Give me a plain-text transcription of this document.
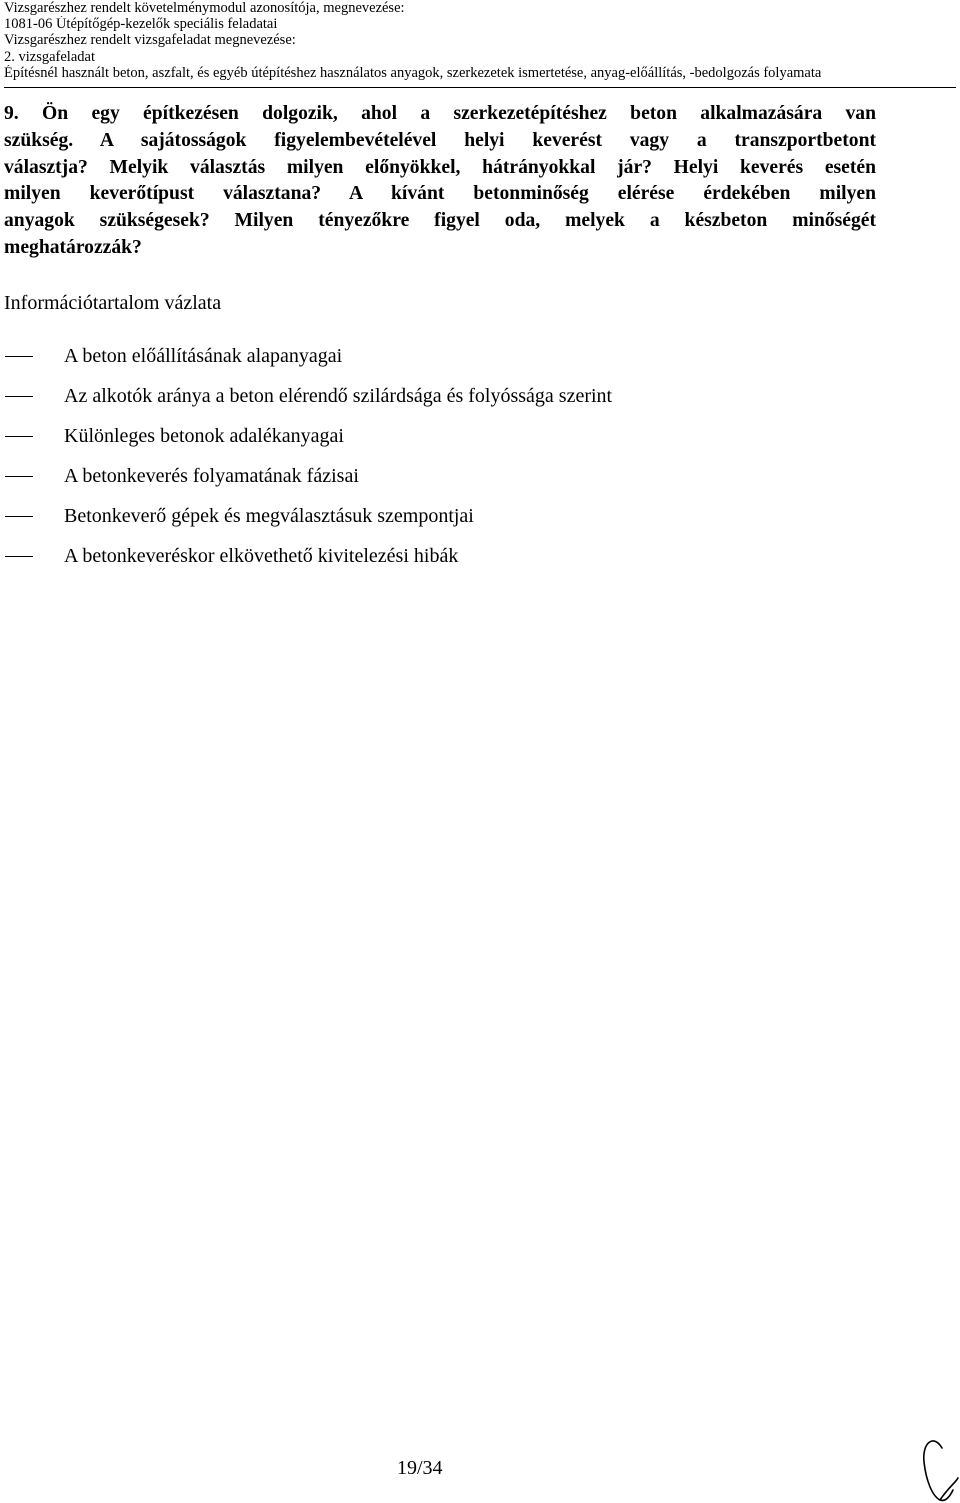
Vizsgarészhez rendelt követelménymodul azonosítója, megnevezése:
1081-06 Útépítőgép-kezelők speciális feladatai
Vizsgarészhez rendelt vizsgafeladat megnevezése:
2. vizsgafeladat
Építésnél használt beton, aszfalt, és egyéb útépítéshez használatos anyagok, szerkezetek ismertetése, anyag-előállítás, -bedolgozás folyamata
9. Ön egy építkezésen dolgozik, ahol a szerkezetépítéshez beton alkalmazására van
szükség. A sajátosságok figyelembevételével helyi keverést vagy a transzportbetont
választja? Melyik választás milyen előnyökkel, hátrányokkal jár? Helyi keverés esetén
milyen keverőtípust választana? A kívánt betonminőség elérése érdekében milyen
anyagok szükségesek? Milyen tényezőkre figyel oda, melyek a készbeton minőségét
meghatározzák?
Információtartalom vázlata
A beton előállításának alapanyagai
Az alkotók aránya a beton elérendő szilárdsága és folyóssága szerint
Különleges betonok adalékanyagai
A betonkeverés folyamatának fázisai
Betonkeverő gépek és megválasztásuk szempontjai
A betonkeveréskor elkövethető kivitelezési hibák
19/34
